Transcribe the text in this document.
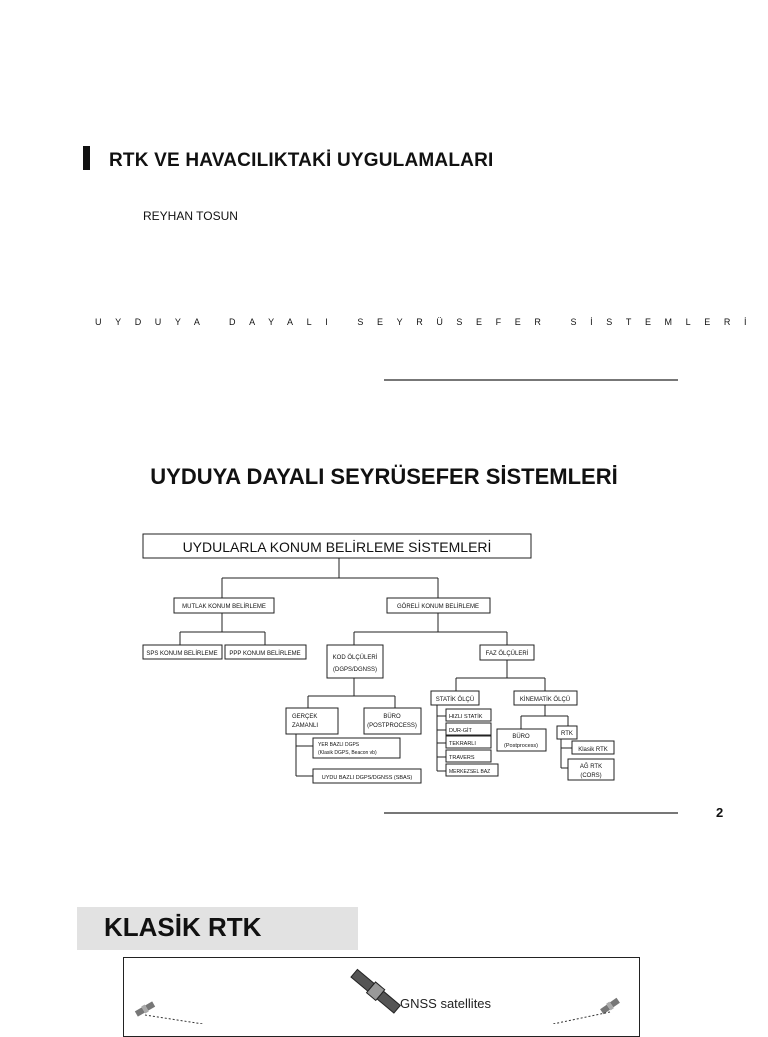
RTK VE HAVACILIKTAKİ UYGULAMALARI
REYHAN TOSUN
UYDUYA DAYALI SEYRÜSEFER SİSTEMLERİ
UYDUYA DAYALI SEYRÜSEFER SİSTEMLERİ
UYDULARLA KONUM BELİRLEME SİSTEMLERİ
MUTLAK KONUM BELİRLEME	GÖRELİ KONUM BELİRLEME
SPS KONUM BELİRLEME PPP KONUM BELİRLEME
KOD ÖLÇÜLERİ
(DGPS/DGNSS)
FAZ ÖLÇÜLERİ
GERÇEK
ZAMANLI
BÜRO
(POSTPROCESS)
YER BAZLI DGPS
(Klasik DGPS, Beacon vb)
UYDU BAZLI DGPS/DGNSS (SBAS)
STATİK ÖLÇÜ	KİNEMATİK ÖLÇÜ
HIZLI STATİK
DUR-GİT
TEKRARLI
TRAVERS
MERKEZSEL BAZ
BÜRO
(Postprocess)
RTK
Klasik RTK
AĞ RTK
(CORS)
2
KLASİK RTK
GNSS satellites
